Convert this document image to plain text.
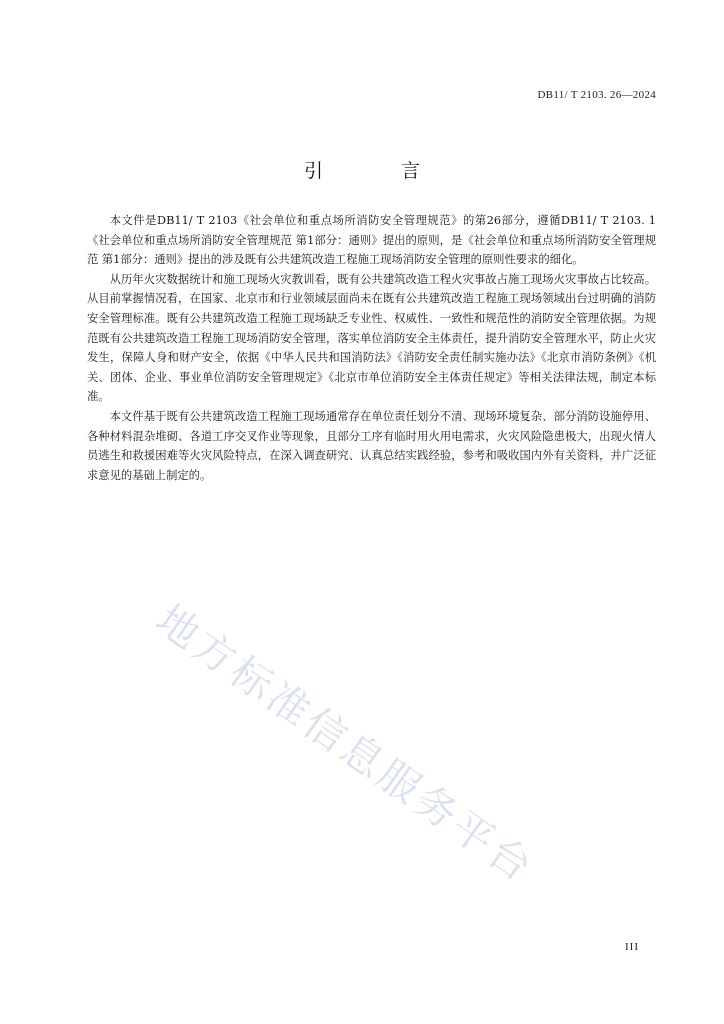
DB11/ T 2103. 26—2024
引 言

本文件是DB11/ T 2103《社会单位和重点场所消防安全管理规范》的第26部分，遵循DB11/ T 2103. 1《社会单位和重点场所消防安全管理规范 第1部分：通则》提出的原则，是《社会单位和重点场所消防安全管理规范 第1部分：通则》提出的涉及既有公共建筑改造工程施工现场消防安全管理的原则性要求的细化。

从历年火灾数据统计和施工现场火灾教训看，既有公共建筑改造工程火灾事故占施工现场火灾事故占比较高。从目前掌握情况看，在国家、北京市和行业领域层面尚未在既有公共建筑改造工程施工现场领域出台过明确的消防安全管理标准。既有公共建筑改造工程施工现场缺乏专业性、权威性、一致性和规范性的消防安全管理依据。为规范既有公共建筑改造工程施工现场消防安全管理，落实单位消防安全主体责任，提升消防安全管理水平，防止火灾发生，保障人身和财产安全，依据《中华人民共和国消防法》《消防安全责任制实施办法》《北京市消防条例》《机关、团体、企业、事业单位消防安全管理规定》《北京市单位消防安全主体责任规定》等相关法律法规，制定本标准。

本文件基于既有公共建筑改造工程施工现场通常存在单位责任划分不清、现场环境复杂、部分消防设施停用、各种材料混杂堆砌、各道工序交叉作业等现象，且部分工序有临时用火用电需求，火灾风险隐患极大，出现火情人员逃生和救援困难等火灾风险特点，在深入调查研究、认真总结实践经验，参考和吸收国内外有关资料，并广泛征求意见的基础上制定的。

地方标准信息服务平台
III
